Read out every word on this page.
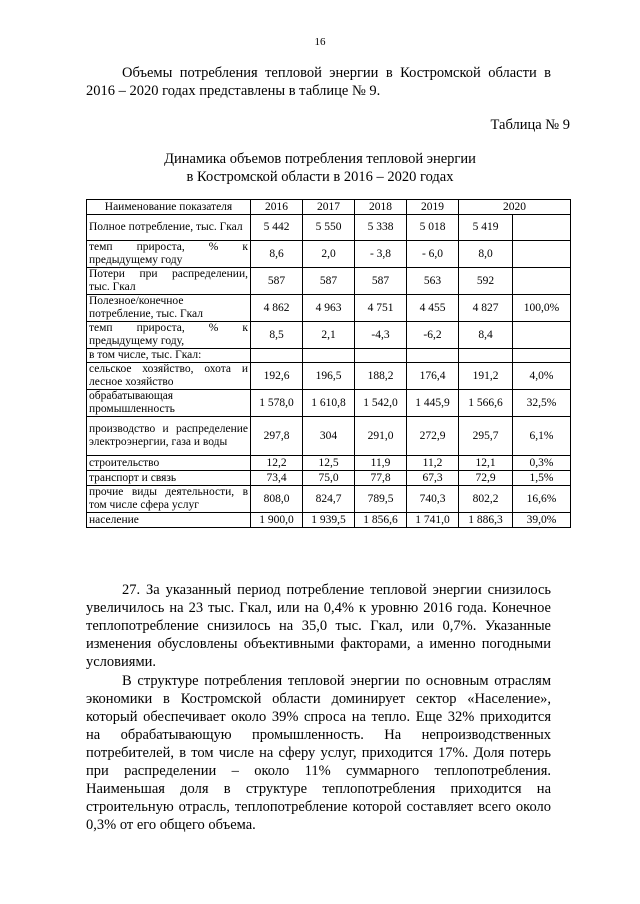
16

Объемы потребления тепловой энергии в Костромской области в 2016 – 2020 годах представлены в таблице № 9.

Таблица № 9
Динамика объемов потребления тепловой энергии
в Костромской области в 2016 – 2020 годах
Наименование показателя	2016	2017	2018	2019	2020	
Полное потребление, тыс. Гкал	5 442	5 550	5 338	5 018	5 419	
темп прироста, % к предыдущему году	8,6	2,0	- 3,8	- 6,0	8,0	
Потери при распределении, тыс. Гкал	587	587	587	563	592	
Полезное/конечное потребление, тыс. Гкал	4 862	4 963	4 751	4 455	4 827	100,0%
темп прироста, % к предыдущему году,	8,5	2,1	-4,3	-6,2	8,4	
в том числе, тыс. Гкал:						
сельское хозяйство, охота и лесное хозяйство	192,6	196,5	188,2	176,4	191,2	4,0%
обрабатывающая промышленность	1 578,0	1 610,8	1 542,0	1 445,9	1 566,6	32,5%
производство и распределение электроэнергии, газа и воды	297,8	304	291,0	272,9	295,7	6,1%
строительство	12,2	12,5	11,9	11,2	12,1	0,3%
транспорт и связь	73,4	75,0	77,8	67,3	72,9	1,5%
прочие виды деятельности, в том числе сфера услуг	808,0	824,7	789,5	740,3	802,2	16,6%
население	1 900,0	1 939,5	1 856,6	1 741,0	1 886,3	39,0%

27. За указанный период потребление тепловой энергии снизилось увеличилось на 23 тыс. Гкал, или на 0,4% к уровню 2016 года. Конечное теплопотребление снизилось на 35,0 тыс. Гкал, или 0,7%. Указанные изменения обусловлены объективными факторами, а именно погодными условиями.

В структуре потребления тепловой энергии по основным отраслям экономики в Костромской области доминирует сектор «Население», который обеспечивает около 39% спроса на тепло. Еще 32% приходится на обрабатывающую промышленность. На непроизводственных потребителей, в том числе на сферу услуг, приходится 17%. Доля потерь при распределении – около 11% суммарного теплопотребления. Наименьшая доля в структуре теплопотребления приходится на строительную отрасль, теплопотребление которой составляет всего около 0,3% от его общего объема.
